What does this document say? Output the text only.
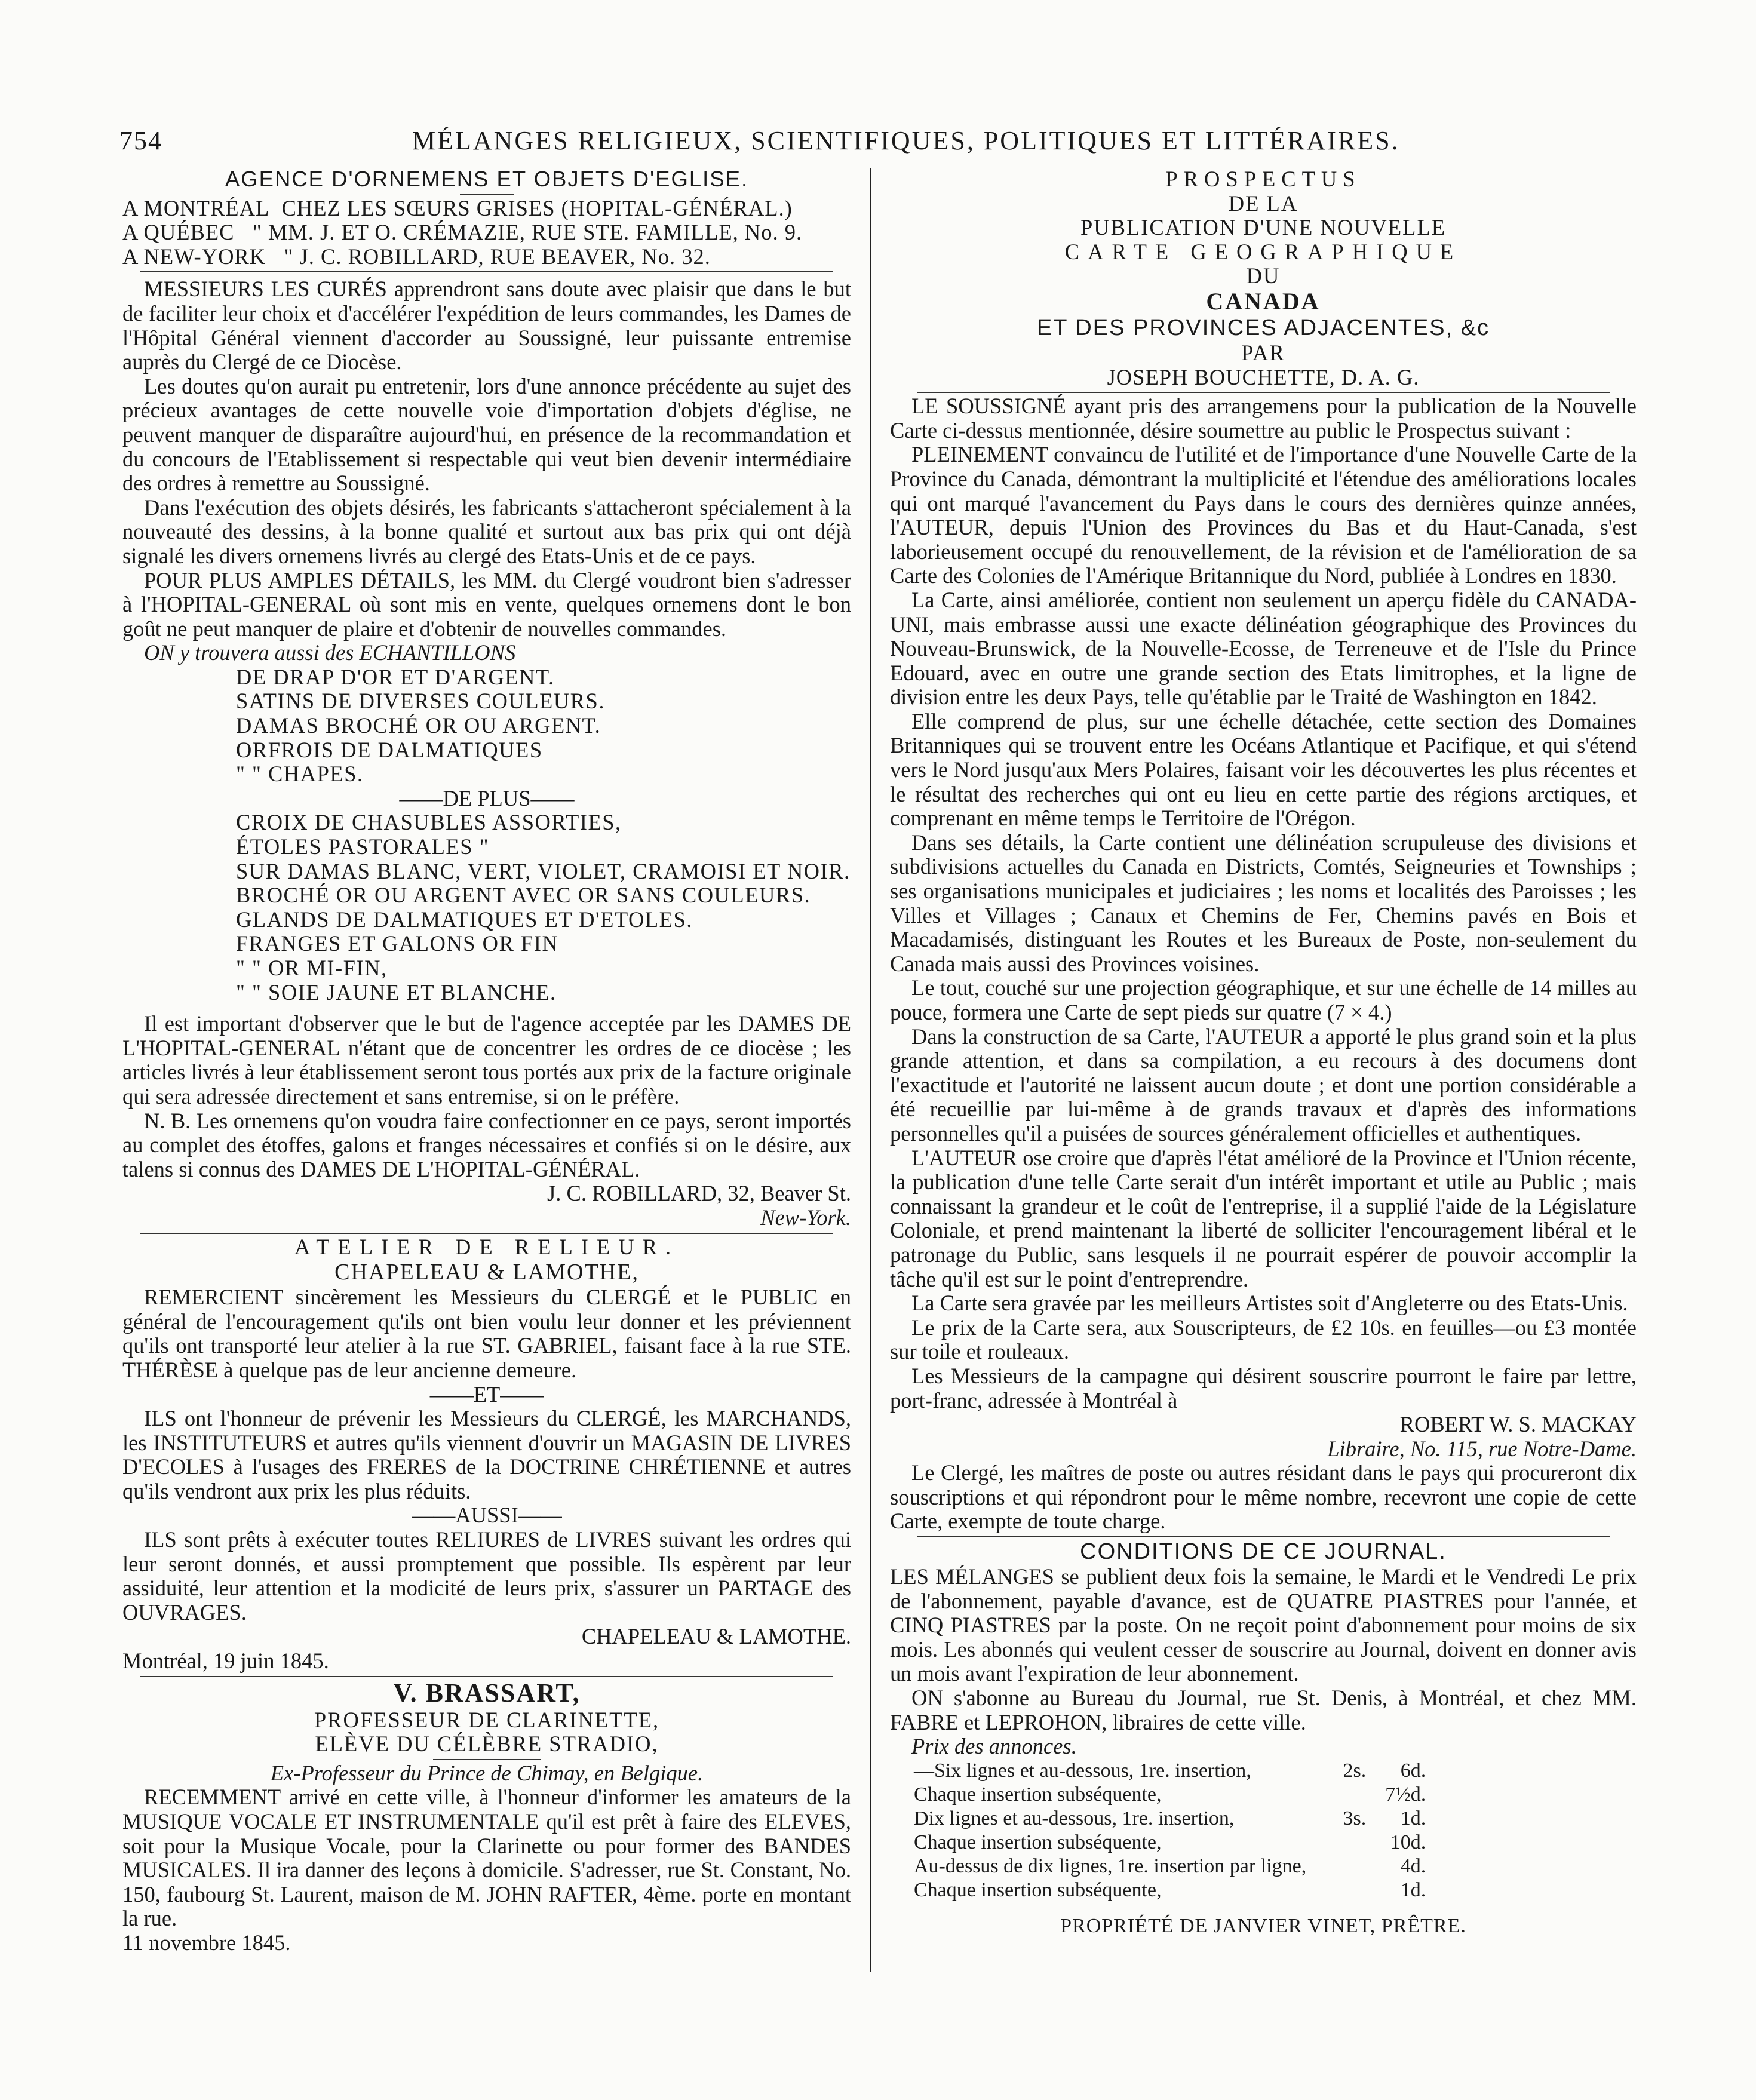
754	MÉLANGES RELIGIEUX, SCIENTIFIQUES, POLITIQUES ET LITTÉRAIRES.

AGENCE D'ORNEMENS ET OBJETS D'EGLISE.

A MONTRÉAL CHEZ LES SŒURS GRISES (HOPITAL-GÉNÉRAL.)

A QUÉBEC " MM. J. ET O. CRÉMAZIE, RUE STE. FAMILLE, No. 9.

A NEW-YORK " J. C. ROBILLARD, RUE BEAVER, No. 32.

MESSIEURS LES CURÉS apprendront sans doute avec plaisir que dans le but de faciliter leur choix et d'accélérer l'expédition de leurs commandes, les Dames de l'Hôpital Général viennent d'accorder au Soussigné, leur puissante entremise auprès du Clergé de ce Diocèse.

Les doutes qu'on aurait pu entretenir, lors d'une annonce précédente au sujet des précieux avantages de cette nouvelle voie d'importation d'objets d'église, ne peuvent manquer de disparaître aujourd'hui, en présence de la recommandation et du concours de l'Etablissement si respectable qui veut bien devenir intermédiaire des ordres à remettre au Soussigné.

Dans l'exécution des objets désirés, les fabricants s'attacheront spécialement à la nouveauté des dessins, à la bonne qualité et surtout aux bas prix qui ont déjà signalé les divers ornemens livrés au clergé des Etats-Unis et de ce pays.

POUR PLUS AMPLES DÉTAILS, les MM. du Clergé voudront bien s'adresser à l'HOPITAL-GENERAL où sont mis en vente, quelques ornemens dont le bon goût ne peut manquer de plaire et d'obtenir de nouvelles commandes.

ON y trouvera aussi des ECHANTILLONS

DE DRAP D'OR ET D'ARGENT.

SATINS DE DIVERSES COULEURS.

DAMAS BROCHÉ OR OU ARGENT.

ORFROIS DE DALMATIQUES

" " CHAPES.

——DE PLUS——

CROIX DE CHASUBLES ASSORTIES,

ÉTOLES PASTORALES "

SUR DAMAS BLANC, VERT, VIOLET, CRAMOISI ET NOIR.

BROCHÉ OR OU ARGENT AVEC OR SANS COULEURS.

GLANDS DE DALMATIQUES ET D'ETOLES.

FRANGES ET GALONS OR FIN

" " OR MI-FIN,

" " SOIE JAUNE ET BLANCHE.

Il est important d'observer que le but de l'agence acceptée par les DAMES DE L'HOPITAL-GENERAL n'étant que de concentrer les ordres de ce diocèse ; les articles livrés à leur établissement seront tous portés aux prix de la facture originale qui sera adressée directement et sans entremise, si on le préfère.

N. B. Les ornemens qu'on voudra faire confectionner en ce pays, seront importés au complet des étoffes, galons et franges nécessaires et confiés si on le désire, aux talens si connus des DAMES DE L'HOPITAL-GÉNÉRAL.

J. C. ROBILLARD, 32, Beaver St.

New-York.

ATELIER DE RELIEUR.

CHAPELEAU & LAMOTHE,

REMERCIENT sincèrement les Messieurs du CLERGÉ et le PUBLIC en général de l'encouragement qu'ils ont bien voulu leur donner et les préviennent qu'ils ont transporté leur atelier à la rue ST. GABRIEL, faisant face à la rue STE. THÉRÈSE à quelque pas de leur ancienne demeure.

——ET——

ILS ont l'honneur de prévenir les Messieurs du CLERGÉ, les MARCHANDS, les INSTITUTEURS et autres qu'ils viennent d'ouvrir un MAGASIN DE LIVRES D'ECOLES à l'usages des FRERES de la DOCTRINE CHRÉTIENNE et autres qu'ils vendront aux prix les plus réduits.

——AUSSI——

ILS sont prêts à exécuter toutes RELIURES de LIVRES suivant les ordres qui leur seront donnés, et aussi promptement que possible. Ils espèrent par leur assiduité, leur attention et la modicité de leurs prix, s'assurer un PARTAGE des OUVRAGES.

CHAPELEAU & LAMOTHE.

Montréal, 19 juin 1845.

V. BRASSART,

PROFESSEUR DE CLARINETTE,

ELÈVE DU CÉLÈBRE STRADIO,

Ex-Professeur du Prince de Chimay, en Belgique.

RECEMMENT arrivé en cette ville, à l'honneur d'informer les amateurs de la MUSIQUE VOCALE ET INSTRUMENTALE qu'il est prêt à faire des ELEVES, soit pour la Musique Vocale, pour la Clarinette ou pour former des BANDES MUSICALES. Il ira danner des leçons à domicile. S'adresser, rue St. Constant, No. 150, faubourg St. Laurent, maison de M. JOHN RAFTER, 4ème. porte en montant la rue.

11 novembre 1845.

PROSPECTUS

DE LA

PUBLICATION D'UNE NOUVELLE

CARTE GEOGRAPHIQUE

DU

CANADA

ET DES PROVINCES ADJACENTES, &c

PAR

JOSEPH BOUCHETTE, D. A. G.

LE SOUSSIGNÉ ayant pris des arrangemens pour la publication de la Nouvelle Carte ci-dessus mentionnée, désire soumettre au public le Prospectus suivant :

PLEINEMENT convaincu de l'utilité et de l'importance d'une Nouvelle Carte de la Province du Canada, démontrant la multiplicité et l'étendue des améliorations locales qui ont marqué l'avancement du Pays dans le cours des dernières quinze années, l'AUTEUR, depuis l'Union des Provinces du Bas et du Haut-Canada, s'est laborieusement occupé du renouvellement, de la révision et de l'amélioration de sa Carte des Colonies de l'Amérique Britannique du Nord, publiée à Londres en 1830.

La Carte, ainsi améliorée, contient non seulement un aperçu fidèle du CANADA-UNI, mais embrasse aussi une exacte délinéation géographique des Provinces du Nouveau-Brunswick, de la Nouvelle-Ecosse, de Terreneuve et de l'Isle du Prince Edouard, avec en outre une grande section des Etats limitrophes, et la ligne de division entre les deux Pays, telle qu'établie par le Traité de Washington en 1842.

Elle comprend de plus, sur une échelle détachée, cette section des Domaines Britanniques qui se trouvent entre les Océans Atlantique et Pacifique, et qui s'étend vers le Nord jusqu'aux Mers Polaires, faisant voir les découvertes les plus récentes et le résultat des recherches qui ont eu lieu en cette partie des régions arctiques, et comprenant en même temps le Territoire de l'Orégon.

Dans ses détails, la Carte contient une délinéation scrupuleuse des divisions et subdivisions actuelles du Canada en Districts, Comtés, Seigneuries et Townships ; ses organisations municipales et judiciaires ; les noms et localités des Paroisses ; les Villes et Villages ; Canaux et Chemins de Fer, Chemins pavés en Bois et Macadamisés, distinguant les Routes et les Bureaux de Poste, non-seulement du Canada mais aussi des Provinces voisines.

Le tout, couché sur une projection géographique, et sur une échelle de 14 milles au pouce, formera une Carte de sept pieds sur quatre (7 × 4.)

Dans la construction de sa Carte, l'AUTEUR a apporté le plus grand soin et la plus grande attention, et dans sa compilation, a eu recours à des documens dont l'exactitude et l'autorité ne laissent aucun doute ; et dont une portion considérable a été recueillie par lui-même à de grands travaux et d'après des informations personnelles qu'il a puisées de sources généralement officielles et authentiques.

L'AUTEUR ose croire que d'après l'état amélioré de la Province et l'Union récente, la publication d'une telle Carte serait d'un intérêt important et utile au Public ; mais connaissant la grandeur et le coût de l'entreprise, il a supplié l'aide de la Législature Coloniale, et prend maintenant la liberté de solliciter l'encouragement libéral et le patronage du Public, sans lesquels il ne pourrait espérer de pouvoir accomplir la tâche qu'il est sur le point d'entreprendre.

La Carte sera gravée par les meilleurs Artistes soit d'Angleterre ou des Etats-Unis.

Le prix de la Carte sera, aux Souscripteurs, de £2 10s. en feuilles—ou £3 montée sur toile et rouleaux.

Les Messieurs de la campagne qui désirent souscrire pourront le faire par lettre, port-franc, adressée à Montréal à

ROBERT W. S. MACKAY

Libraire, No. 115, rue Notre-Dame.

Le Clergé, les maîtres de poste ou autres résidant dans le pays qui procureront dix souscriptions et qui répondront pour le même nombre, recevront une copie de cette Carte, exempte de toute charge.

CONDITIONS DE CE JOURNAL.

LES MÉLANGES se publient deux fois la semaine, le Mardi et le Vendredi Le prix de l'abonnement, payable d'avance, est de QUATRE PIASTRES pour l'année, et CINQ PIASTRES par la poste. On ne reçoit point d'abonnement pour moins de six mois. Les abonnés qui veulent cesser de souscrire au Journal, doivent en donner avis un mois avant l'expiration de leur abonnement.

ON s'abonne au Bureau du Journal, rue St. Denis, à Montréal, et chez MM. FABRE et LEPROHON, libraires de cette ville.

Prix des annonces.

—Six lignes et au-dessous, 1re. insertion,	2s.	6d.
Chaque insertion subséquente,		7½d.
Dix lignes et au-dessous, 1re. insertion,	3s.	1d.
Chaque insertion subséquente,		10d.
Au-dessus de dix lignes, 1re. insertion par ligne,		4d.
Chaque insertion subséquente,		1d.

PROPRIÉTÉ DE JANVIER VINET, PRÊTRE.
